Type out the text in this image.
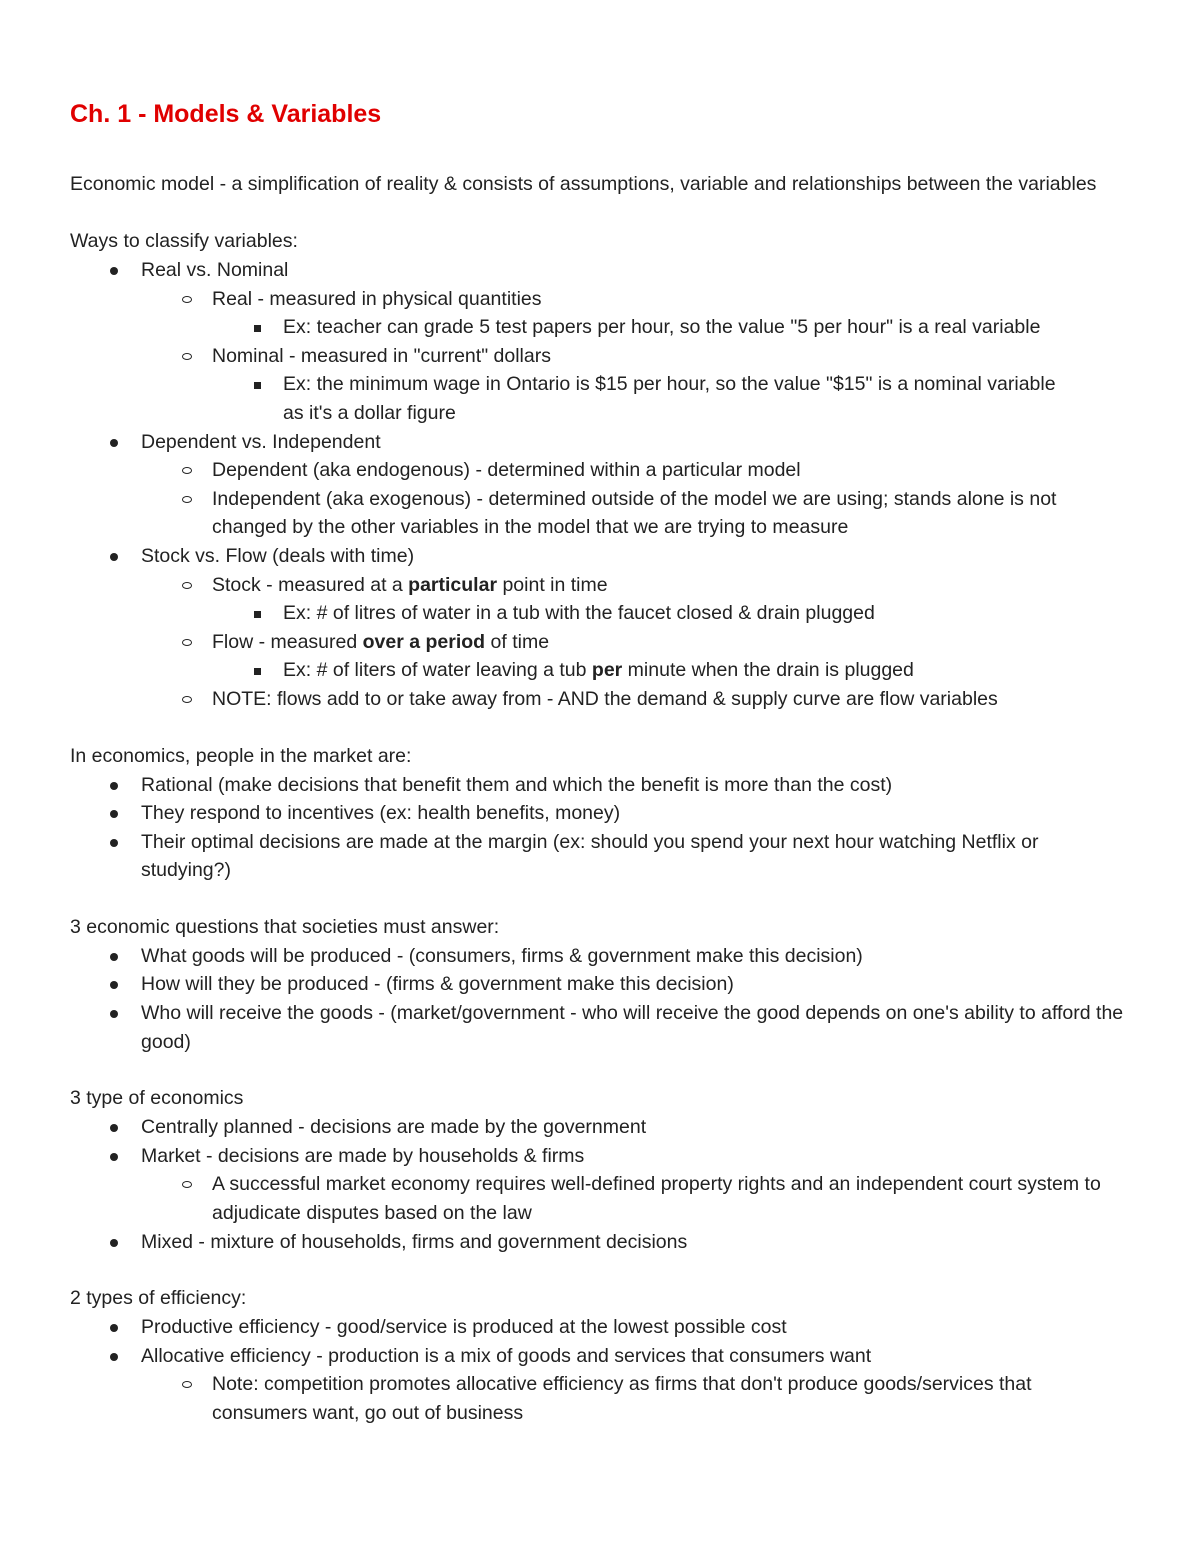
Ch. 1 - Models & Variables

Economic model - a simplification of reality & consists of assumptions, variable and relationships between the variables

Ways to classify variables:

Real vs. Nominal
Real - measured in physical quantities
Ex: teacher can grade 5 test papers per hour, so the value "5 per hour" is a real variable
Nominal - measured in "current" dollars
Ex: the minimum wage in Ontario is $15 per hour, so the value "$15" is a nominal variable as it's a dollar figure
Dependent vs. Independent
Dependent (aka endogenous) - determined within a particular model
Independent (aka exogenous) - determined outside of the model we are using; stands alone is not changed by the other variables in the model that we are trying to measure
Stock vs. Flow (deals with time)
Stock - measured at a particular point in time
Ex: # of litres of water in a tub with the faucet closed & drain plugged
Flow - measured over a period of time
Ex: # of liters of water leaving a tub per minute when the drain is plugged
NOTE: flows add to or take away from - AND the demand & supply curve are flow variables

In economics, people in the market are:

Rational (make decisions that benefit them and which the benefit is more than the cost)
They respond to incentives (ex: health benefits, money)
Their optimal decisions are made at the margin (ex: should you spend your next hour watching Netflix or studying?)

3 economic questions that societies must answer:

What goods will be produced - (consumers, firms & government make this decision)
How will they be produced - (firms & government make this decision)
Who will receive the goods - (market/government - who will receive the good depends on one's ability to afford the good)

3 type of economics

Centrally planned - decisions are made by the government
Market - decisions are made by households & firms
A successful market economy requires well-defined property rights and an independent court system to adjudicate disputes based on the law
Mixed - mixture of households, firms and government decisions

2 types of efficiency:

Productive efficiency - good/service is produced at the lowest possible cost
Allocative efficiency - production is a mix of goods and services that consumers want
Note: competition promotes allocative efficiency as firms that don't produce goods/services that consumers want, go out of business
